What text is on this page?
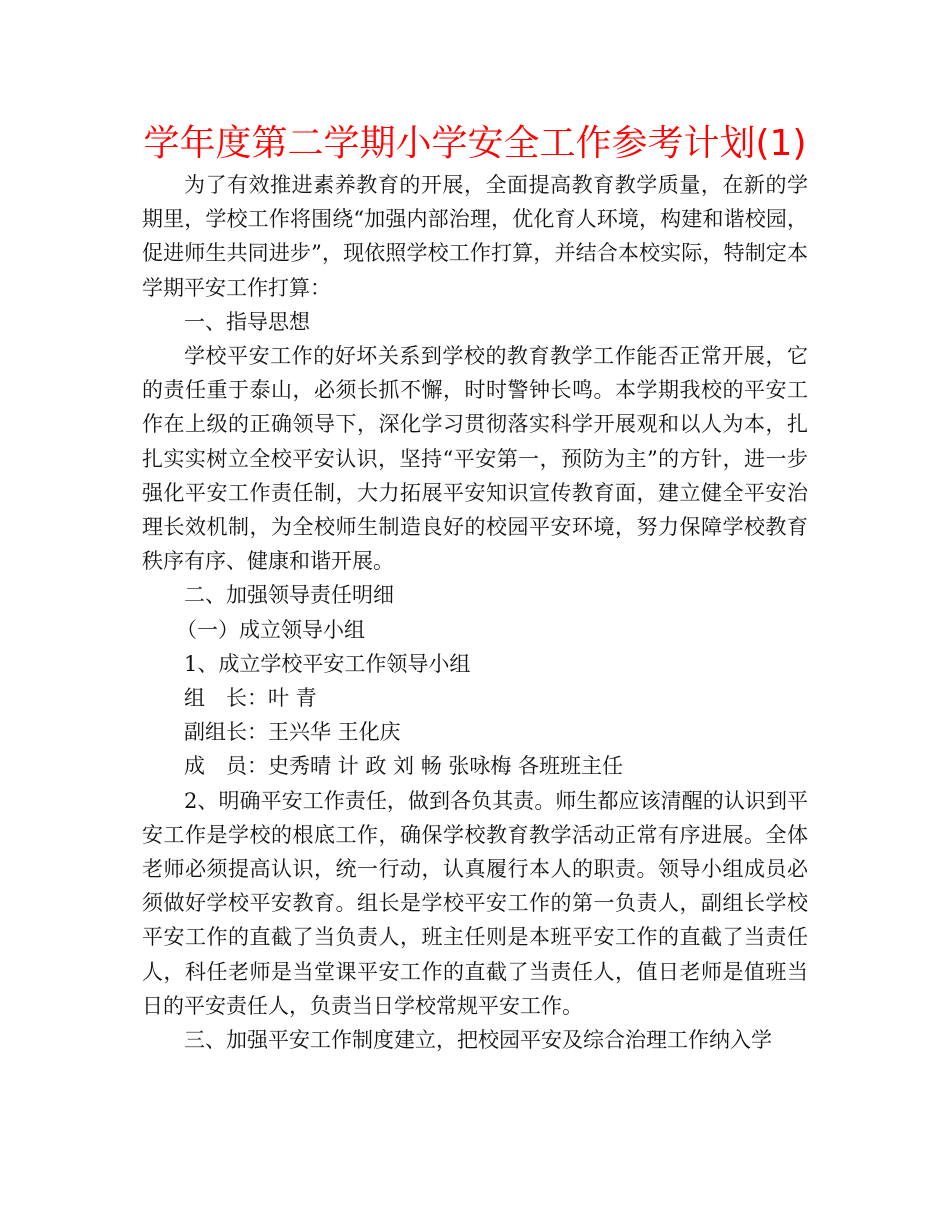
学年度第二学期小学安全工作参考计划(1)

为了有效推进素养教育的开展，全面提高教育教学质量，在新的学期里，学校工作将围绕“加强内部治理，优化育人环境，构建和谐校园，促进师生共同进步”，现依照学校工作打算，并结合本校实际，特制定本学期平安工作打算：

一、指导思想

学校平安工作的好坏关系到学校的教育教学工作能否正常开展，它的责任重于泰山，必须长抓不懈，时时警钟长鸣。本学期我校的平安工作在上级的正确领导下，深化学习贯彻落实科学开展观和以人为本，扎扎实实树立全校平安认识，坚持“平安第一，预防为主”的方针，进一步强化平安工作责任制，大力拓展平安知识宣传教育面，建立健全平安治理长效机制，为全校师生制造良好的校园平安环境，努力保障学校教育秩序有序、健康和谐开展。

二、加强领导责任明细

（一）成立领导小组

1、成立学校平安工作领导小组

组　长：叶 青

副组长：王兴华 王化庆

成　员：史秀晴 计 政 刘 畅 张咏梅 各班班主任

2、明确平安工作责任，做到各负其责。师生都应该清醒的认识到平安工作是学校的根底工作，确保学校教育教学活动正常有序进展。全体老师必须提高认识，统一行动，认真履行本人的职责。领导小组成员必须做好学校平安教育。组长是学校平安工作的第一负责人，副组长学校平安工作的直截了当负责人，班主任则是本班平安工作的直截了当责任人，科任老师是当堂课平安工作的直截了当责任人，值日老师是值班当日的平安责任人，负责当日学校常规平安工作。

三、加强平安工作制度建立，把校园平安及综合治理工作纳入学
